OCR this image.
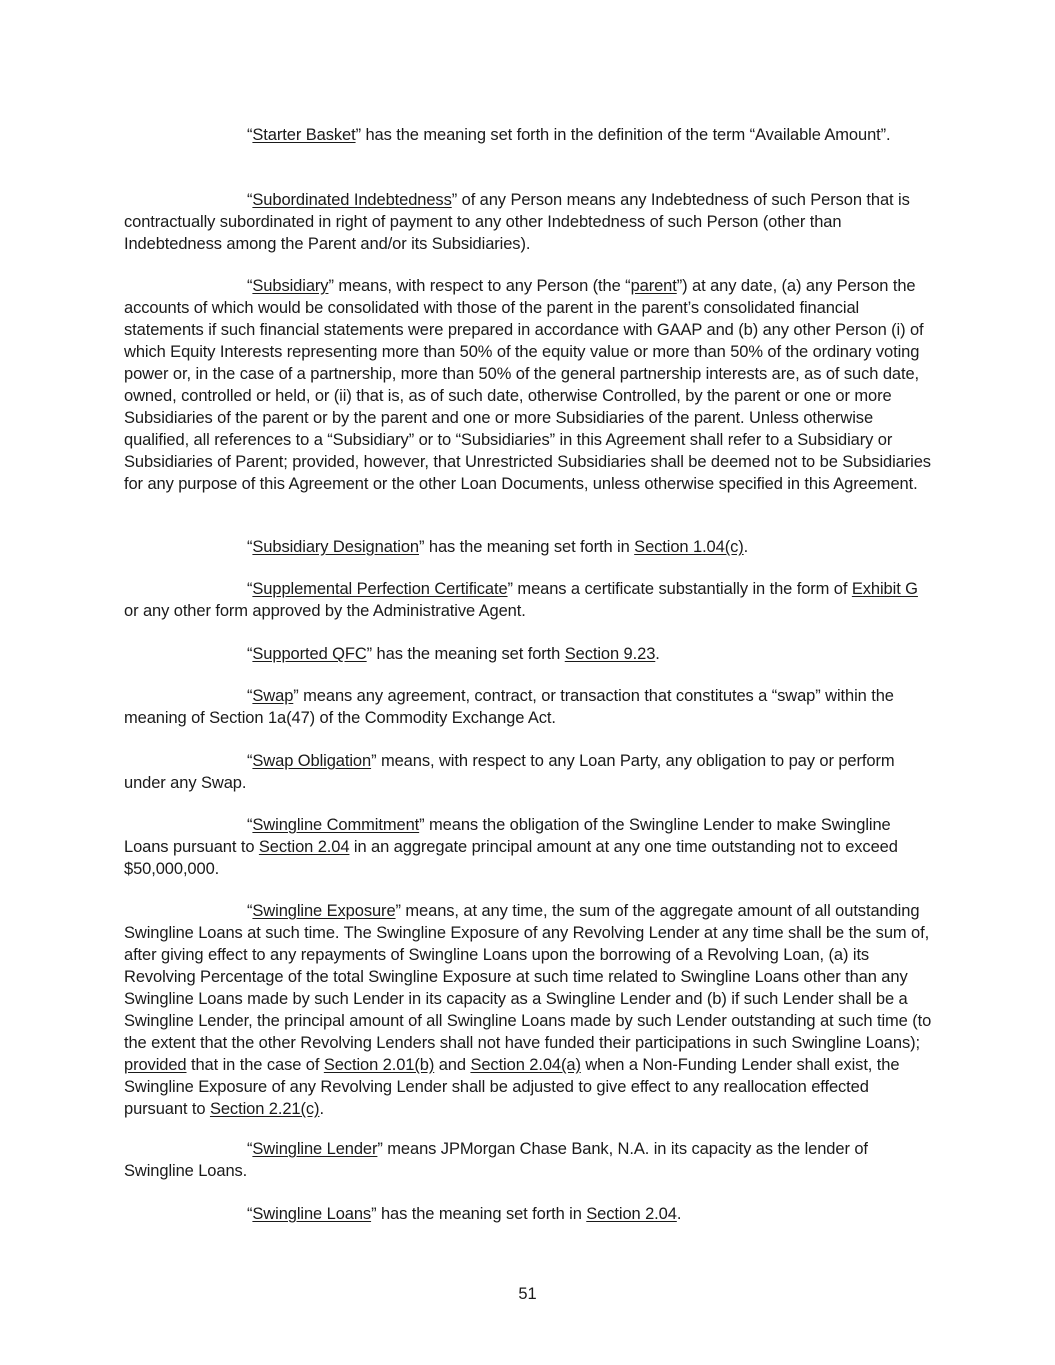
“Starter Basket” has the meaning set forth in the definition of the term “Available Amount”.

“Subordinated Indebtedness” of any Person means any Indebtedness of such Person that is contractually subordinated in right of payment to any other Indebtedness of such Person (other than Indebtedness among the Parent and/or its Subsidiaries).

“Subsidiary” means, with respect to any Person (the “parent”) at any date, (a) any Person the accounts of which would be consolidated with those of the parent in the parent’s consolidated financial statements if such financial statements were prepared in accordance with GAAP and (b) any other Person (i) of which Equity Interests representing more than 50% of the equity value or more than 50% of the ordinary voting power or, in the case of a partnership, more than 50% of the general partnership interests are, as of such date, owned, controlled or held, or (ii) that is, as of such date, otherwise Controlled, by the parent or one or more Subsidiaries of the parent or by the parent and one or more Subsidiaries of the parent. Unless otherwise qualified, all references to a “Subsidiary” or to “Subsidiaries” in this Agreement shall refer to a Subsidiary or Subsidiaries of Parent; provided, however, that Unrestricted Subsidiaries shall be deemed not to be Subsidiaries for any purpose of this Agreement or the other Loan Documents, unless otherwise specified in this Agreement.

“Subsidiary Designation” has the meaning set forth in Section 1.04(c).

“Supplemental Perfection Certificate” means a certificate substantially in the form of Exhibit G or any other form approved by the Administrative Agent.

“Supported QFC” has the meaning set forth Section 9.23.

“Swap” means any agreement, contract, or transaction that constitutes a “swap” within the meaning of Section 1a(47) of the Commodity Exchange Act.

“Swap Obligation” means, with respect to any Loan Party, any obligation to pay or perform under any Swap.

“Swingline Commitment” means the obligation of the Swingline Lender to make Swingline Loans pursuant to Section 2.04 in an aggregate principal amount at any one time outstanding not to exceed $50,000,000.

“Swingline Exposure” means, at any time, the sum of the aggregate amount of all outstanding Swingline Loans at such time. The Swingline Exposure of any Revolving Lender at any time shall be the sum of, after giving effect to any repayments of Swingline Loans upon the borrowing of a Revolving Loan, (a) its Revolving Percentage of the total Swingline Exposure at such time related to Swingline Loans other than any Swingline Loans made by such Lender in its capacity as a Swingline Lender and (b) if such Lender shall be a Swingline Lender, the principal amount of all Swingline Loans made by such Lender outstanding at such time (to the extent that the other Revolving Lenders shall not have funded their participations in such Swingline Loans); provided that in the case of Section 2.01(b) and Section 2.04(a) when a Non-Funding Lender shall exist, the Swingline Exposure of any Revolving Lender shall be adjusted to give effect to any reallocation effected pursuant to Section 2.21(c).

“Swingline Lender” means JPMorgan Chase Bank, N.A. in its capacity as the lender of Swingline Loans.

“Swingline Loans” has the meaning set forth in Section 2.04.

51
